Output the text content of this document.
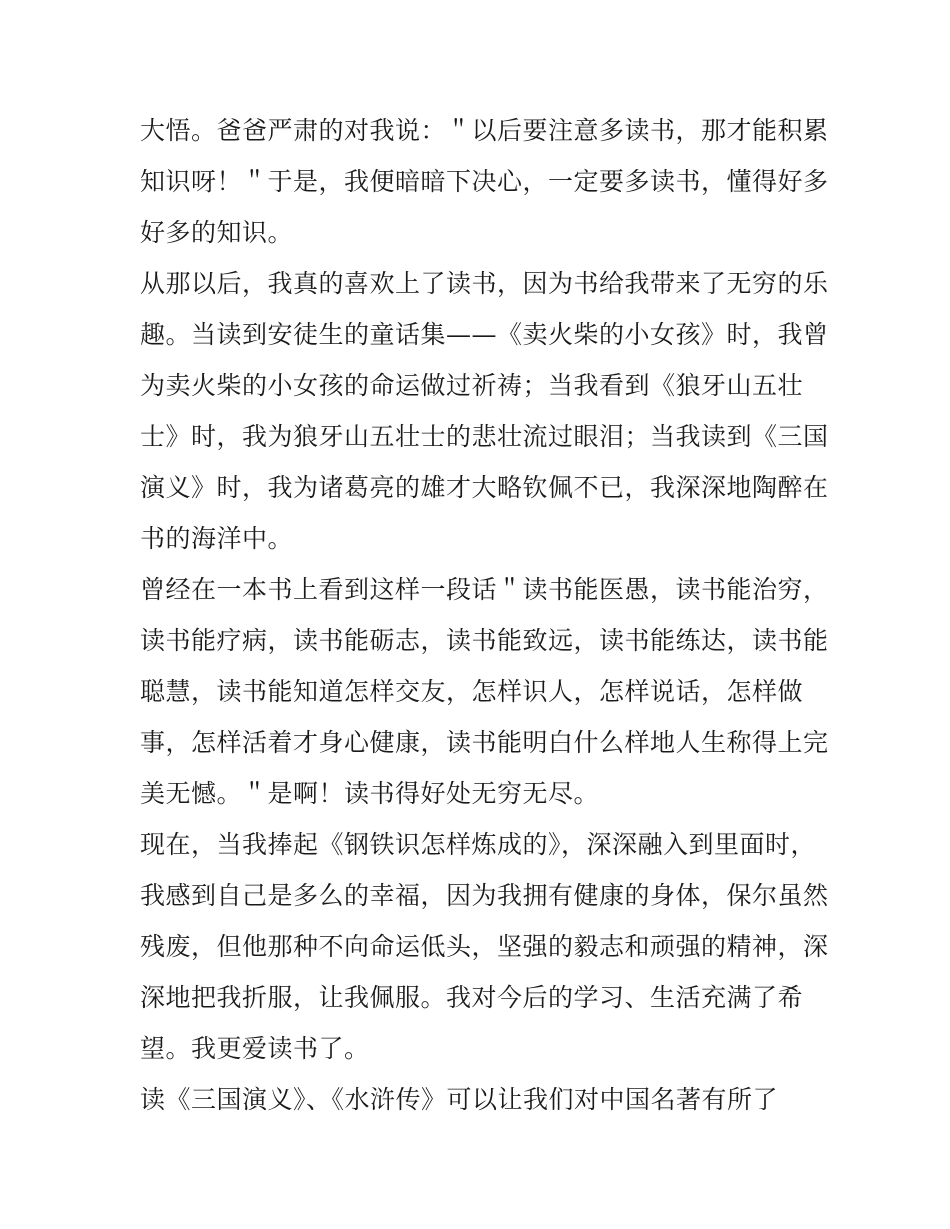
大悟。爸爸严肃的对我说：＂以后要注意多读书，那才能积累
知识呀！＂于是，我便暗暗下决心，一定要多读书，懂得好多
好多的知识。
从那以后，我真的喜欢上了读书，因为书给我带来了无穷的乐
趣。当读到安徒生的童话集——《卖火柴的小女孩》时，我曾
为卖火柴的小女孩的命运做过祈祷；当我看到《狼牙山五壮
士》时，我为狼牙山五壮士的悲壮流过眼泪；当我读到《三国
演义》时，我为诸葛亮的雄才大略钦佩不已，我深深地陶醉在
书的海洋中。
曾经在一本书上看到这样一段话＂读书能医愚，读书能治穷，
读书能疗病，读书能砺志，读书能致远，读书能练达，读书能
聪慧，读书能知道怎样交友，怎样识人，怎样说话，怎样做
事，怎样活着才身心健康，读书能明白什么样地人生称得上完
美无憾。＂是啊！读书得好处无穷无尽。
现在，当我捧起《钢铁识怎样炼成的》，深深融入到里面时，
我感到自己是多么的幸福，因为我拥有健康的身体，保尔虽然
残废，但他那种不向命运低头，坚强的毅志和顽强的精神，深
深地把我折服，让我佩服。我对今后的学习、生活充满了希
望。我更爱读书了。
读《三国演义》、《水浒传》可以让我们对中国名著有所了
